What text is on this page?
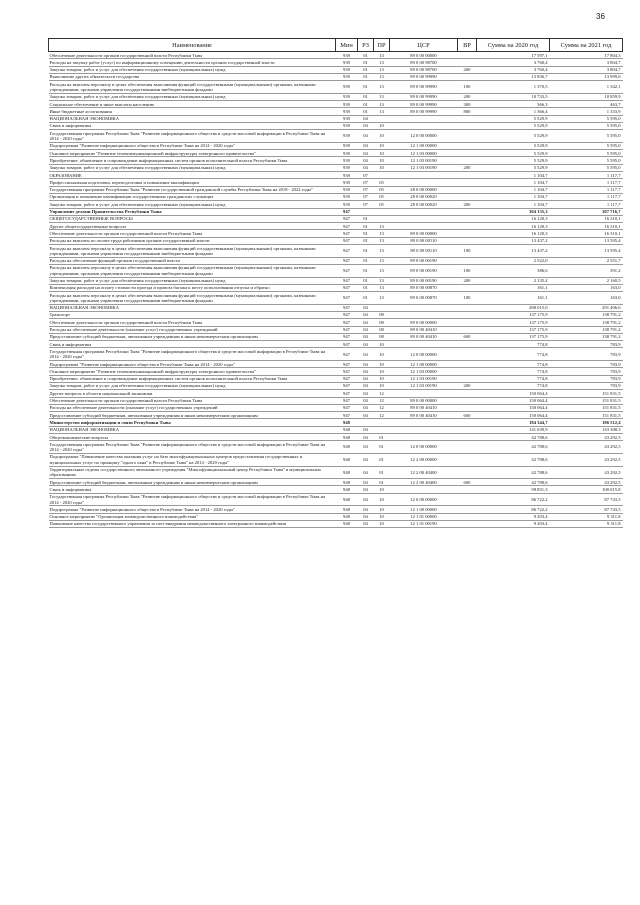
36
Наименование	Мин	РЗ	ПР	ЦСР	ВР	Сумма на 2020 год	Сумма на 2021 год
Обеспечение деятельности органов государственной власти Республики Тыва	939	01	13	89 0 00 00000		17 597,1	17 804,3
Расходы на закупку работ (услуг) по информационному освещению деятельности органов государственной власти	939	01	13	89 0 00 98700		3 760,4	3 804,7
Закупка товаров, работ и услуг для обеспечения государственных (муниципальных) нужд	939	01	13	89 0 00 98700	200	3 760,4	3 804,7
Выполнение других обязательств государства	939	01	13	89 0 00 99990		13 836,7	13 999,6
Расходы на выплаты персоналу в целях обеспечения выполнения функций государственными (муниципальными) органами, казенными учреждениями, органами управления государственными внебюджетными фондами	939	01	13	89 0 00 99990	100	1 370,5	1 342,1
Закупка товаров, работ и услуг для обеспечения государственных (муниципальных) нужд	939	01	13	89 0 00 99990	200	10 733,5	10 859,9
Социальное обеспечение и иные выплаты населению	939	01	13	89 0 00 99990	300	366,3	463,7
Иные бюджетные ассигнования	939	01	13	89 0 00 99990	800	1 366,4	1 333,9
НАЦИОНАЛЬНАЯ ЭКОНОМИКА	939	04				5 529,9	5 595,0
Связь и информатика	939	04	10			5 529,9	5 595,0
Государственная программа Республики Тыва "Развитие информационного общества и средств массовой информации в Республике Тыва на 2014 - 2020 годы"	939	04	10	12 0 00 00000		5 529,9	5 595,0
Подпрограмма "Развитие информационного общества в Республике Тыва на 2014 - 2020 годы"	939	04	10	12 1 00 00000		5 529,9	5 595,0
Основное мероприятие "Развитие телекоммуникационной инфраструктуры электронного правительства"	939	04	10	12 1 03 00000		5 529,9	5 595,0
Приобретение, обновление и сопровождение информационных систем органов исполнительной власти Республики Тыва	939	04	10	12 1 03 00190		5 529,9	5 595,0
Закупка товаров, работ и услуг для обеспечения государственных (муниципальных) нужд	939	04	10	12 1 03 00190	200	5 529,9	5 595,0
ОБРАЗОВАНИЕ	939	07				1 104,7	1 117,7
Профессиональная подготовка, переподготовка и повышение квалификации	939	07	05			1 104,7	1 117,7
Государственная программа Республики Тыва "Развитие государственной гражданской службы Республики Тыва на 2018 - 2022 годы"	939	07	05	28 0 00 00000		1 104,7	1 117,7
Организация и повышение квалификации государственных гражданских служащих	939	07	05	28 0 00 00020		1 104,7	1 117,7
Закупка товаров, работ и услуг для обеспечения государственных (муниципальных) нужд	939	07	05	28 0 00 00020	200	1 104,7	1 117,7
Управление делами Правительства Республики Тыва	947					304 135,3	307 716,7
ОБЩЕГОСУДАРСТВЕННЫЕ ВОПРОСЫ	947	01				16 120,3	16 310,1
Другие общегосударственные вопросы	947	01	13			16 120,3	16 310,1
Обеспечение деятельности органов государственной власти Республики Тыва	947	01	13	89 0 00 00000		16 120,3	16 310,1
Расходы на выплаты по оплате труда работников органов государственной власти	947	01	13	89 0 00 00110		13 437,2	13 595,4
Расходы на выплаты персоналу в целях обеспечения выполнения функций государственными (муниципальными) органами, казенными учреждениями, органами управления государственными внебюджетными фондами	947	01	13	89 0 00 00110	100	13 437,2	13 595,4
Расходы на обеспечение функций органов государственной власти	947	01	13	89 0 00 00190		2 522,0	2 551,7
Расходы на выплаты персоналу в целях обеспечения выполнения функций государственными (муниципальными) органами, казенными учреждениями, органами управления государственными внебюджетными фондами	947	01	13	89 0 00 00190	100	386,6	391,2
Закупка товаров, работ и услуг для обеспечения государственных (муниципальных) нужд	947	01	13	89 0 00 00190	200	2 135,4	2 160,5
Компенсация расходов на оплату стоимости проезда и провоза багажа к месту использования отпуска и обратно	947	01	13	89 0 00 00870		161,1	163,0
Расходы на выплаты персоналу в целях обеспечения выполнения функций государственными (муниципальными) органами, казенными учреждениями, органами управления государственными внебюджетными фондами	947	01	13	89 0 00 00870	100	161,1	163,0
НАЦИОНАЛЬНАЯ ЭКОНОМИКА	947	04				288 015,0	291 406,6
Транспорт	947	04	08			137 175,9	138 791,2
Обеспечение деятельности органов государственной власти Республики Тыва	947	04	08	89 0 00 00000		137 175,9	138 791,2
Расходы на обеспечение деятельности (оказание услуг) государственных учреждений	947	04	08	89 0 00 40410		137 175,9	138 791,2
Предоставление субсидий бюджетным, автономным учреждениям и иным некоммерческим организациям	947	04	08	89 0 00 40410	600	137 175,9	138 791,2
Связь и информатика	947	04	10			774,8	783,9
Государственная программа Республики Тыва "Развитие информационного общества и средств массовой информации в Республике Тыва на 2014 - 2020 годы"	947	04	10	12 0 00 00000		774,8	783,9
Подпрограмма "Развитие информационного общества в Республике Тыва на 2014 - 2020 годы"	947	04	10	12 1 00 00000		774,8	783,9
Основное мероприятие "Развитие телекоммуникационной инфраструктуры электронного правительства"	947	04	10	12 1 03 00000		774,8	783,9
Приобретение, обновление и сопровождение информационных систем органов исполнительной власти Республики Тыва	947	04	10	12 1 03 00190		774,8	783,9
Закупка товаров, работ и услуг для обеспечения государственных (муниципальных) нужд	947	04	10	12 1 03 00190	200	774,8	783,9
Другие вопросы в области национальной экономики	947	04	12			150 064,4	151 831,5
Обеспечение деятельности органов государственной власти Республики Тыва	947	04	12	89 0 00 00000		150 064,4	151 831,5
Расходы на обеспечение деятельности (оказание услуг) государственных учреждений	947	04	12	89 0 00 40410		150 064,4	151 831,5
Предоставление субсидий бюджетным, автономным учреждениям и иным некоммерческим организациям	947	04	12	89 0 00 40410	600	150 064,4	151 831,5
Министерство информатизации и связи Республики Тыва	948					184 344,7	186 512,4
НАЦИОНАЛЬНАЯ ЭКОНОМИКА	948	04				141 639,9	143 308,3
Общеэкономические вопросы	948	04	01			42 788,6	43 292,5
Государственная программа Республики Тыва "Развитие информационного общества и средств массовой информации в Республике Тыва на 2014 - 2020 годы"	948	04	01	12 0 00 00000		42 788,6	43 292,5
Подпрограмма "Повышение качества оказания услуг на базе многофункциональных центров предоставления государственных и муниципальных услуг по принципу "одного окна" в Республике Тыва" на 2014 - 2020 годы"	948	04	01	12 2 00 00000		42 788,6	43 292,5
Территориальные отделы государственного автономного учреждения "Многофункциональный центр Республики Тыва" в муниципальных образованиях	948	04	01	12 2 00 40400		42 788,6	43 292,5
Предоставление субсидий бюджетным, автономным учреждениям и иным некоммерческим организациям	948	04	01	12 2 00 40400	600	42 788,6	43 292,5
Связь и информатика	948	04	10			98 851,3	100 015,8
Государственная программа Республики Тыва "Развитие информационного общества и средств массовой информации в Республике Тыва на 2014 - 2020 годы"	948	04	10	12 0 00 00000		86 722,2	87 743,5
Подпрограмма "Развитие информационного общества в Республике Тыва на 2014 - 2020 годы"	948	04	10	12 1 00 00000		86 722,2	87 743,5
Основное мероприятие "Организация межведомственного взаимодействия"	948	04	10	12 1 01 00000		9 203,4	9 311,8
Повышение качества государственного управления за счет внедрения межведомственного электронного взаимодействия	948	04	10	12 1 01 00190		9 203,4	9 311,8
